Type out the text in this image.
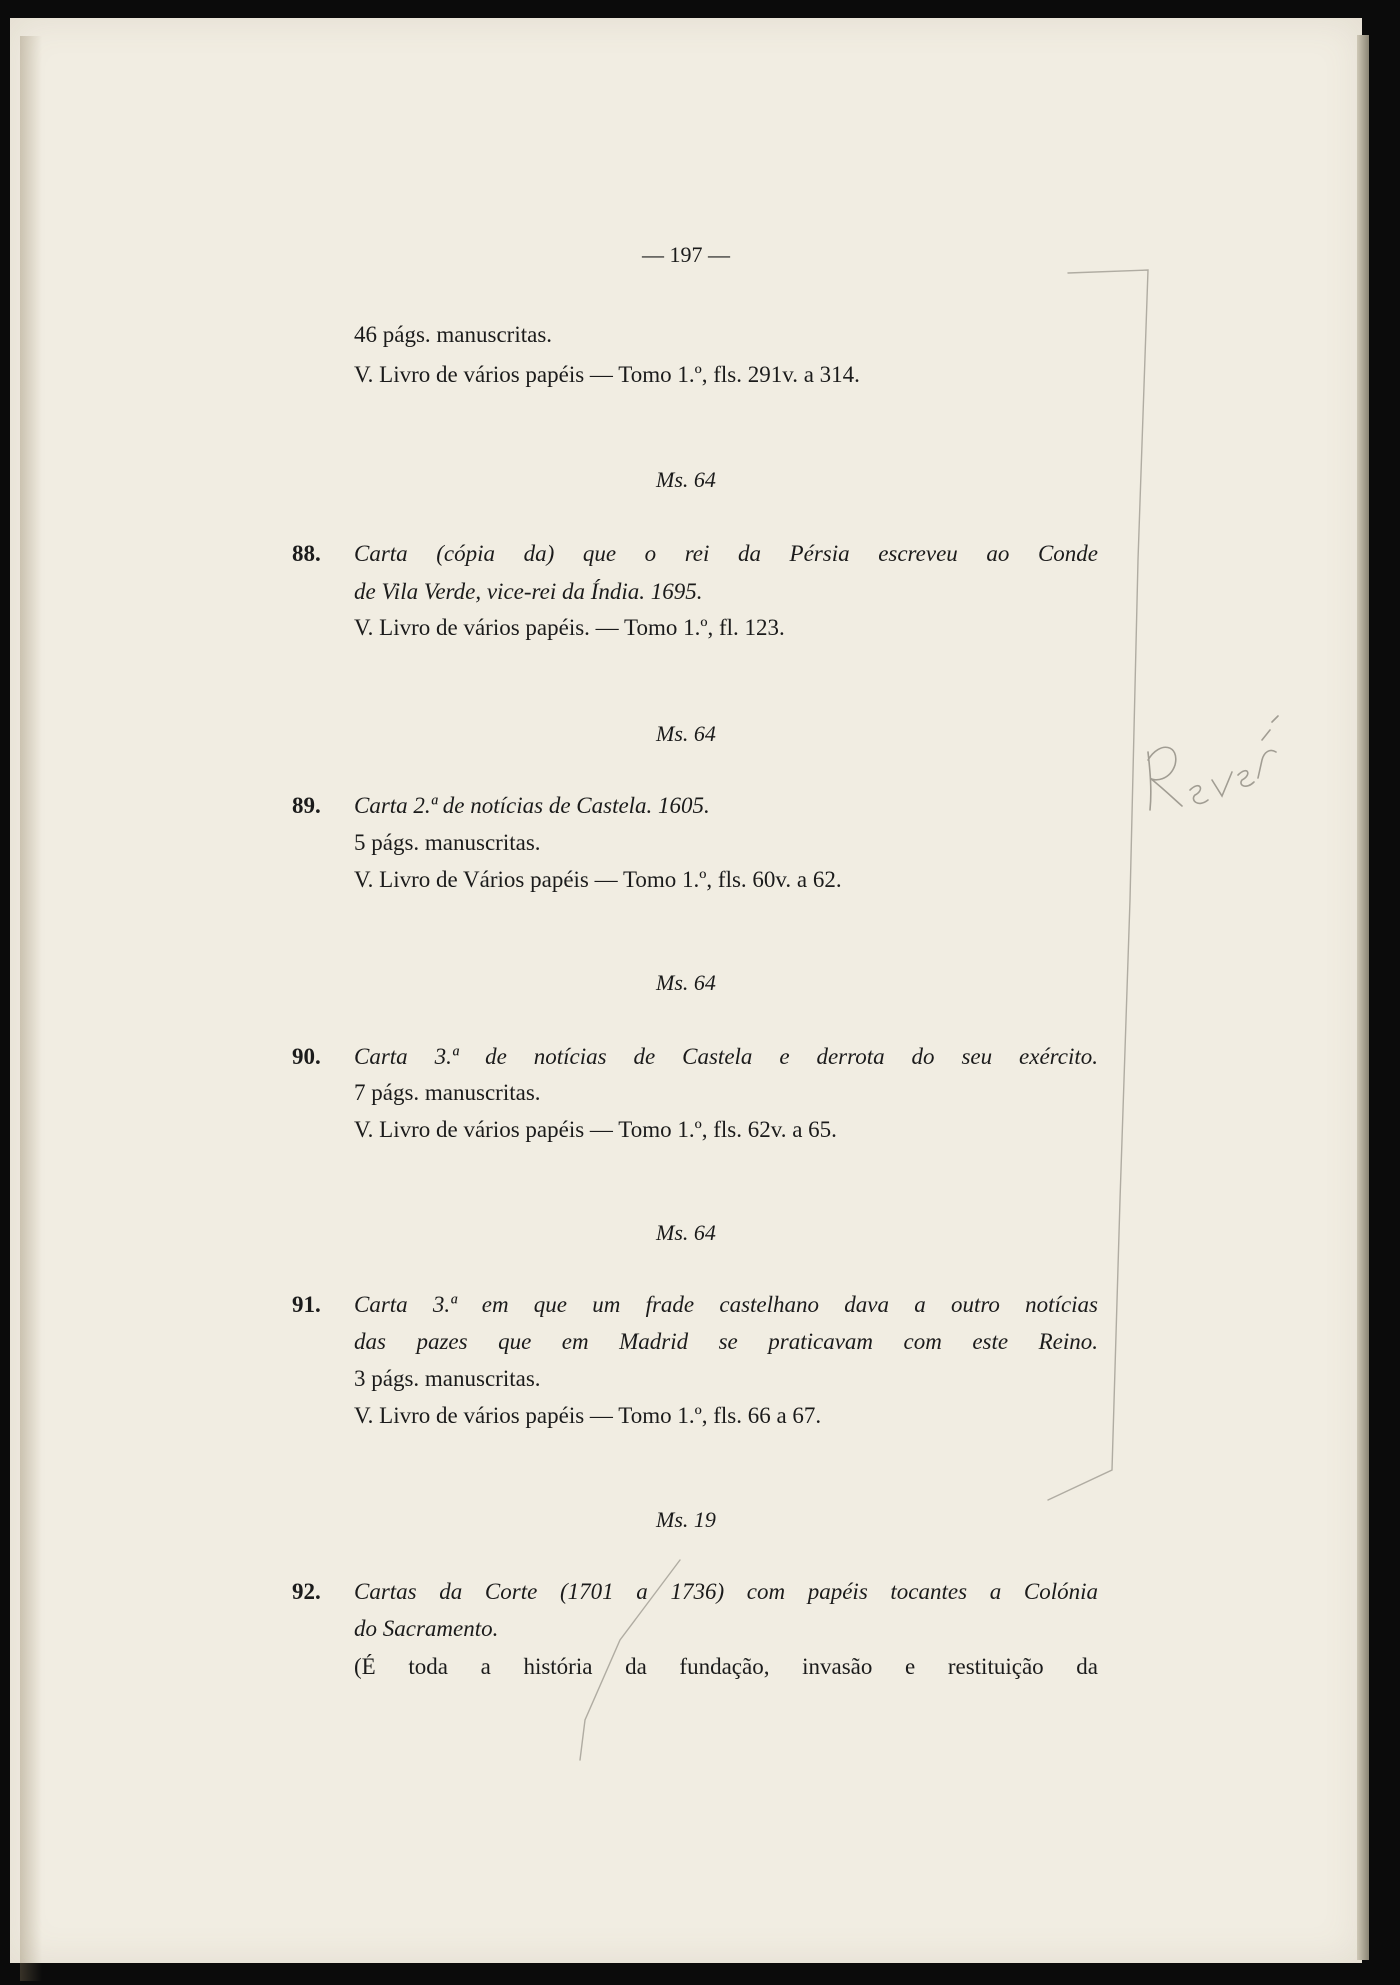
— 197 —
46 págs. manuscritas.
V. Livro de vários papéis — Tomo 1.º, fls. 291v. a 314.
Ms. 64
88. Carta (cópia da) que o rei da Pérsia escreveu ao Conde
de Vila Verde, vice-rei da Índia. 1695.
V. Livro de vários papéis. — Tomo 1.º, fl. 123.
Ms. 64
89. Carta 2.ª de notícias de Castela. 1605.
5 págs. manuscritas.
V. Livro de Vários papéis — Tomo 1.º, fls. 60v. a 62.
Ms. 64
90. Carta 3.ª de notícias de Castela e derrota do seu exército.
7 págs. manuscritas.
V. Livro de vários papéis — Tomo 1.º, fls. 62v. a 65.
Ms. 64
91. Carta 3.ª em que um frade castelhano dava a outro notícias
das pazes que em Madrid se praticavam com este Reino.
3 págs. manuscritas.
V. Livro de vários papéis — Tomo 1.º, fls. 66 a 67.
Ms. 19
92. Cartas da Corte (1701 a 1736) com papéis tocantes a Colónia
do Sacramento.
(É toda a história da fundação, invasão e restituição da
